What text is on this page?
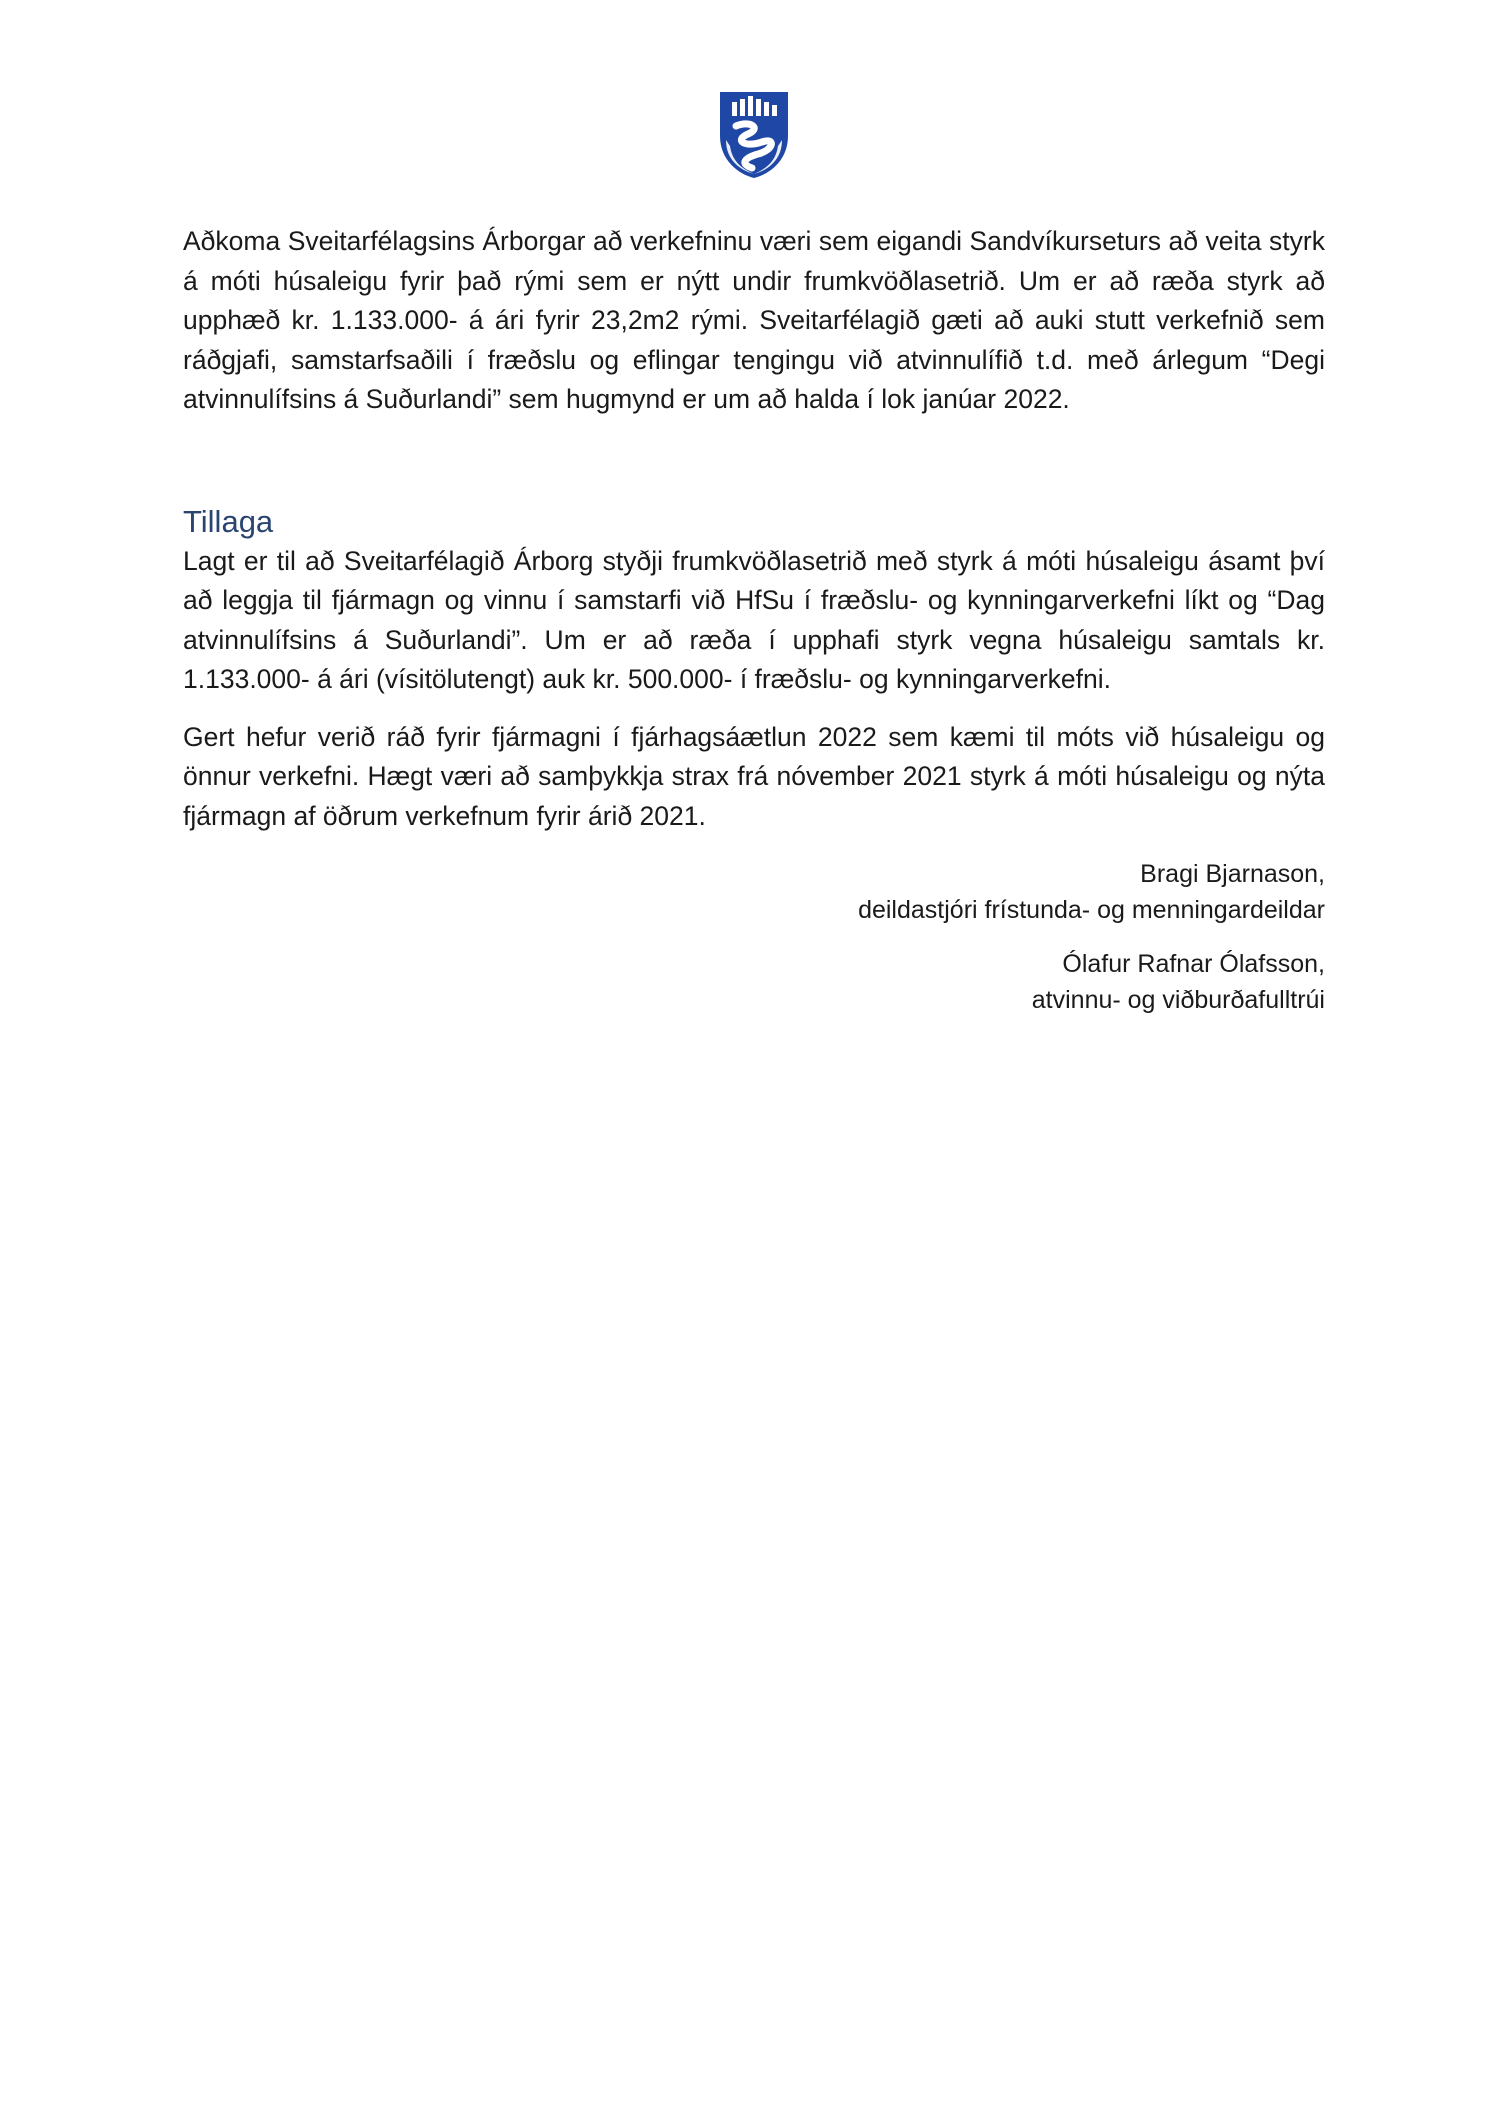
Aðkoma Sveitarfélagsins Árborgar að verkefninu væri sem eigandi Sandvíkurseturs að veita styrk á móti húsaleigu fyrir það rými sem er nýtt undir frumkvöðlasetrið. Um er að ræða styrk að upphæð kr. 1.133.000- á ári fyrir 23,2m2 rými. Sveitarfélagið gæti að auki stutt verkefnið sem ráðgjafi, samstarfsaðili í fræðslu og eflingar tengingu við atvinnulífið t.d. með árlegum “Degi atvinnulífsins á Suðurlandi” sem hugmynd er um að halda í lok janúar 2022.

Tillaga

Lagt er til að Sveitarfélagið Árborg styðji frumkvöðlasetrið með styrk á móti húsaleigu ásamt því að leggja til fjármagn og vinnu í samstarfi við HfSu í fræðslu- og kynningarverkefni líkt og “Dag atvinnulífsins á Suðurlandi”. Um er að ræða í upphafi styrk vegna húsaleigu samtals kr. 1.133.000- á ári (vísitölutengt) auk kr. 500.000- í fræðslu- og kynningarverkefni.

Gert hefur verið ráð fyrir fjármagni í fjárhagsáætlun 2022 sem kæmi til móts við húsaleigu og önnur verkefni. Hægt væri að samþykkja strax frá nóvember 2021 styrk á móti húsaleigu og nýta fjármagn af öðrum verkefnum fyrir árið 2021.

Bragi Bjarnason,

deildastjóri frístunda- og menningardeildar

Ólafur Rafnar Ólafsson,

atvinnu- og viðburðafulltrúi
